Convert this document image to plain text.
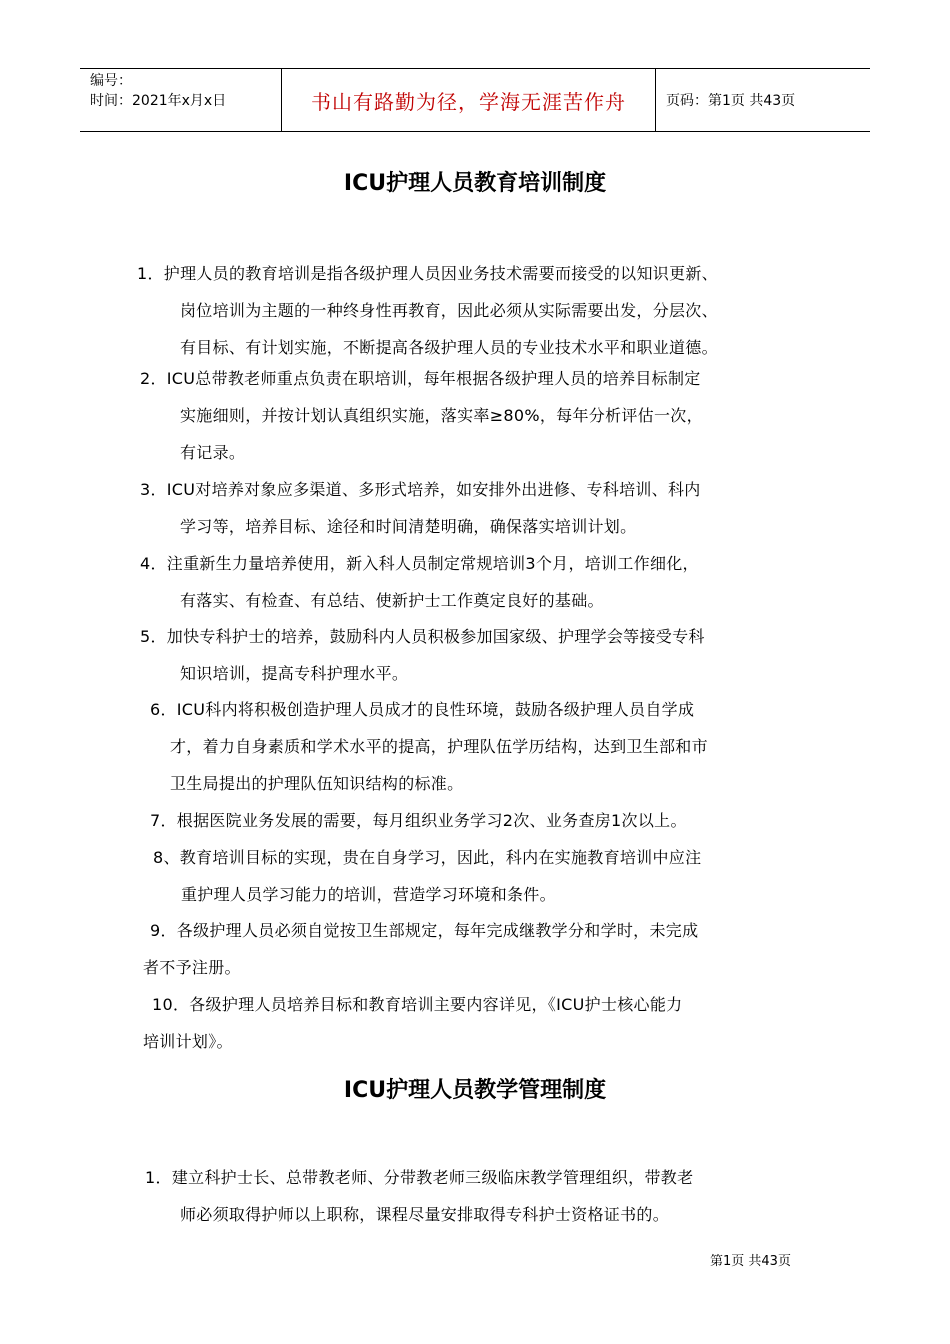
编号：
时间：2021年x月x日	书山有路勤为径，学海无涯苦作舟	页码：第1页 共43页
ICU护理人员教育培训制度

1．护理人员的教育培训是指各级护理人员因业务技术需要而接受的以知识更新、

岗位培训为主题的一种终身性再教育，因此必须从实际需要出发，分层次、

有目标、有计划实施，不断提高各级护理人员的专业技术水平和职业道德。

2．ICU总带教老师重点负责在职培训，每年根据各级护理人员的培养目标制定

实施细则，并按计划认真组织实施，落实率≥80%，每年分析评估一次，

有记录。

3．ICU对培养对象应多渠道、多形式培养，如安排外出进修、专科培训、科内

学习等，培养目标、途径和时间清楚明确，确保落实培训计划。

4．注重新生力量培养使用，新入科人员制定常规培训3个月，培训工作细化，

有落实、有检查、有总结、使新护士工作奠定良好的基础。

5．加快专科护士的培养，鼓励科内人员积极参加国家级、护理学会等接受专科

知识培训，提高专科护理水平。

6．ICU科内将积极创造护理人员成才的良性环境，鼓励各级护理人员自学成

才，着力自身素质和学术水平的提高，护理队伍学历结构，达到卫生部和市

卫生局提出的护理队伍知识结构的标准。

7．根据医院业务发展的需要，每月组织业务学习2次、业务查房1次以上。

8、教育培训目标的实现，贵在自身学习，因此，科内在实施教育培训中应注

重护理人员学习能力的培训，营造学习环境和条件。

9．各级护理人员必须自觉按卫生部规定，每年完成继教学分和学时，未完成

者不予注册。

10．各级护理人员培养目标和教育培训主要内容详见，《ICU护士核心能力

培训计划》。

ICU护理人员教学管理制度

1．建立科护士长、总带教老师、分带教老师三级临床教学管理组织，带教老

师必须取得护师以上职称，课程尽量安排取得专科护士资格证书的。

第1页 共43页
